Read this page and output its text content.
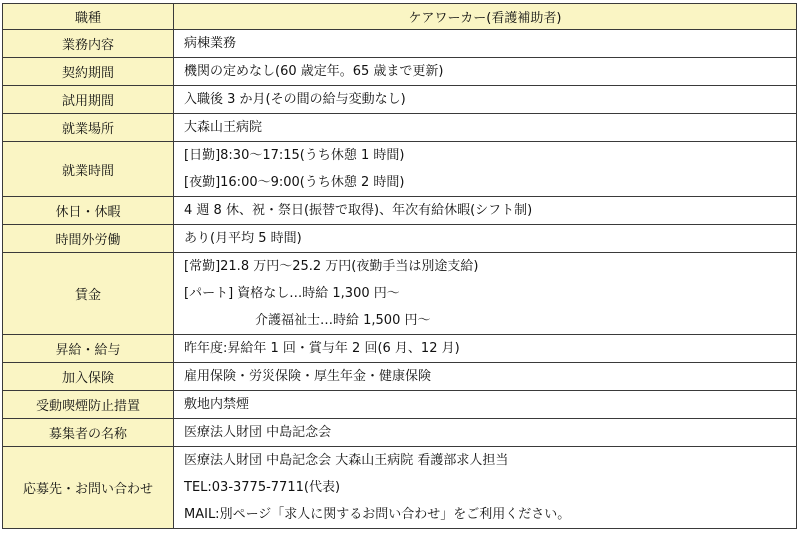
職種	ケアワーカー(看護補助者)
業務内容	病棟業務

契約期間	機関の定めなし(60 歳定年。65 歳まで更新)

試用期間	入職後 3 か月(その間の給与変動なし)

就業場所	大森山王病院

就業時間	[日勤]8:30～17:15(うち休憩 1 時間)
[夜勤]16:00～9:00(うち休憩 2 時間)

休日・休暇	4 週 8 休、祝・祭日(振替で取得)、年次有給休暇(シフト制)

時間外労働	あり(月平均 5 時間)

賃金	[常勤]21.8 万円～25.2 万円(夜勤手当は別途支給)
[パート] 資格なし…時給 1,300 円～
介護福祉士…時給 1,500 円～

昇給・給与	昨年度:昇給年 1 回・賞与年 2 回(6 月、12 月)

加入保険	雇用保険・労災保険・厚生年金・健康保険

受動喫煙防止措置	敷地内禁煙

募集者の名称	医療法人財団 中島記念会

応募先・お問い合わせ	医療法人財団 中島記念会 大森山王病院 看護部求人担当
TEL:03-3775-7711(代表)
MAIL:別ページ「求人に関するお問い合わせ」をご利用ください。
